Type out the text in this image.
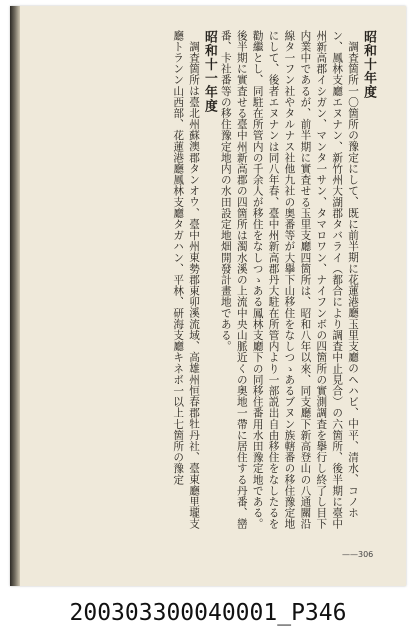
昭和十年度

調査箇所一〇箇所の豫定にして、既に前半期に花蓮港廳玉里支廳のヘハビ、中平、清水、コノホン、鳳林支廳エヌナン、新竹州大湖郡タバライ（都合により調査中止見合）の六箇所、後半期に臺中州新高郡イシガン、マンタ一サン、タマロワン、ナイフンボの四箇所の實測調査を擧行し終了し目下内業中であるが、前半期に實査せる玉里支廳四箇所は、昭和八年以來、同支廳下新高登山の八通關沿線タ一フン社やタルナス社他九社の奥番等が大擧下山移住をなしつゝあるブヌン族轄番の移住豫定地にして、後者エヌナンは同八年春、臺中州新高郡丹大駐在所管内より一部説出自由移住をなしたるを勸繼とし、同駐在所管内の千余人が移住をなしつゝある鳳林支廳下の同移住番用水田豫定地である。後半期に實査せる臺中州新高郡の四箇所は濁水溪の上流中央山脈近くの奥地一帶に居住する丹番、巒番、卡社番等の移住豫定地内の水田設定地畑開發計畫地である。

昭和十一年度

調査箇所は臺北州蘇澳郡タンオウ、臺中州東勢郡東卯溪流域、高雄州恒春郡牡丹社、臺東廳里壠支廳トランン山西部、花蓮港廳鳳林支廳タガハン、平林、研海支廳キネボ一以上七箇所の豫定

——306
200303300040001_P346
